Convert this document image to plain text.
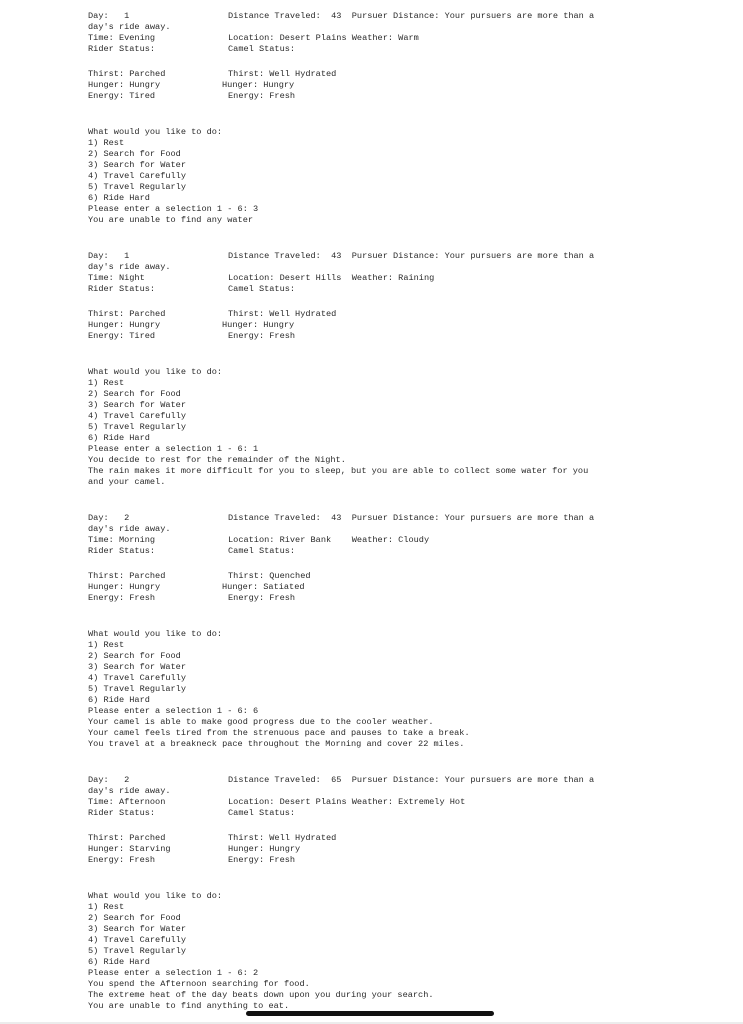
Day:   1	Distance Traveled:  43  Pursuer Distance: Your pursuers are more than a
day's ride away.
Time: Evening	Location: Desert Plains Weather: Warm
Rider Status:	Camel Status:
Thirst: Parched	Thirst: Well Hydrated
Hunger: Hungry	Hunger: Hungry
Energy: Tired	Energy: Fresh
What would you like to do:
1) Rest
2) Search for Food
3) Search for Water
4) Travel Carefully
5) Travel Regularly
6) Ride Hard
Please enter a selection 1 - 6: 3
You are unable to find any water
Day:   1	Distance Traveled:  43  Pursuer Distance: Your pursuers are more than a
day's ride away.
Time: Night	Location: Desert Hills  Weather: Raining
Rider Status:	Camel Status:
Thirst: Parched	Thirst: Well Hydrated
Hunger: Hungry	Hunger: Hungry
Energy: Tired	Energy: Fresh
What would you like to do:
1) Rest
2) Search for Food
3) Search for Water
4) Travel Carefully
5) Travel Regularly
6) Ride Hard
Please enter a selection 1 - 6: 1
You decide to rest for the remainder of the Night.
The rain makes it more difficult for you to sleep, but you are able to collect some water for you
and your camel.
Day:   2	Distance Traveled:  43  Pursuer Distance: Your pursuers are more than a
day's ride away.
Time: Morning	Location: River Bank    Weather: Cloudy
Rider Status:	Camel Status:
Thirst: Parched	Thirst: Quenched
Hunger: Hungry	Hunger: Satiated
Energy: Fresh	Energy: Fresh
What would you like to do:
1) Rest
2) Search for Food
3) Search for Water
4) Travel Carefully
5) Travel Regularly
6) Ride Hard
Please enter a selection 1 - 6: 6
Your camel is able to make good progress due to the cooler weather.
Your camel feels tired from the strenuous pace and pauses to take a break.
You travel at a breakneck pace throughout the Morning and cover 22 miles.
Day:   2	Distance Traveled:  65  Pursuer Distance: Your pursuers are more than a
day's ride away.
Time: Afternoon	Location: Desert Plains Weather: Extremely Hot
Rider Status:	Camel Status:
Thirst: Parched	Thirst: Well Hydrated
Hunger: Starving	Hunger: Hungry
Energy: Fresh	Energy: Fresh
What would you like to do:
1) Rest
2) Search for Food
3) Search for Water
4) Travel Carefully
5) Travel Regularly
6) Ride Hard
Please enter a selection 1 - 6: 2
You spend the Afternoon searching for food.
The extreme heat of the day beats down upon you during your search.
You are unable to find anything to eat.
